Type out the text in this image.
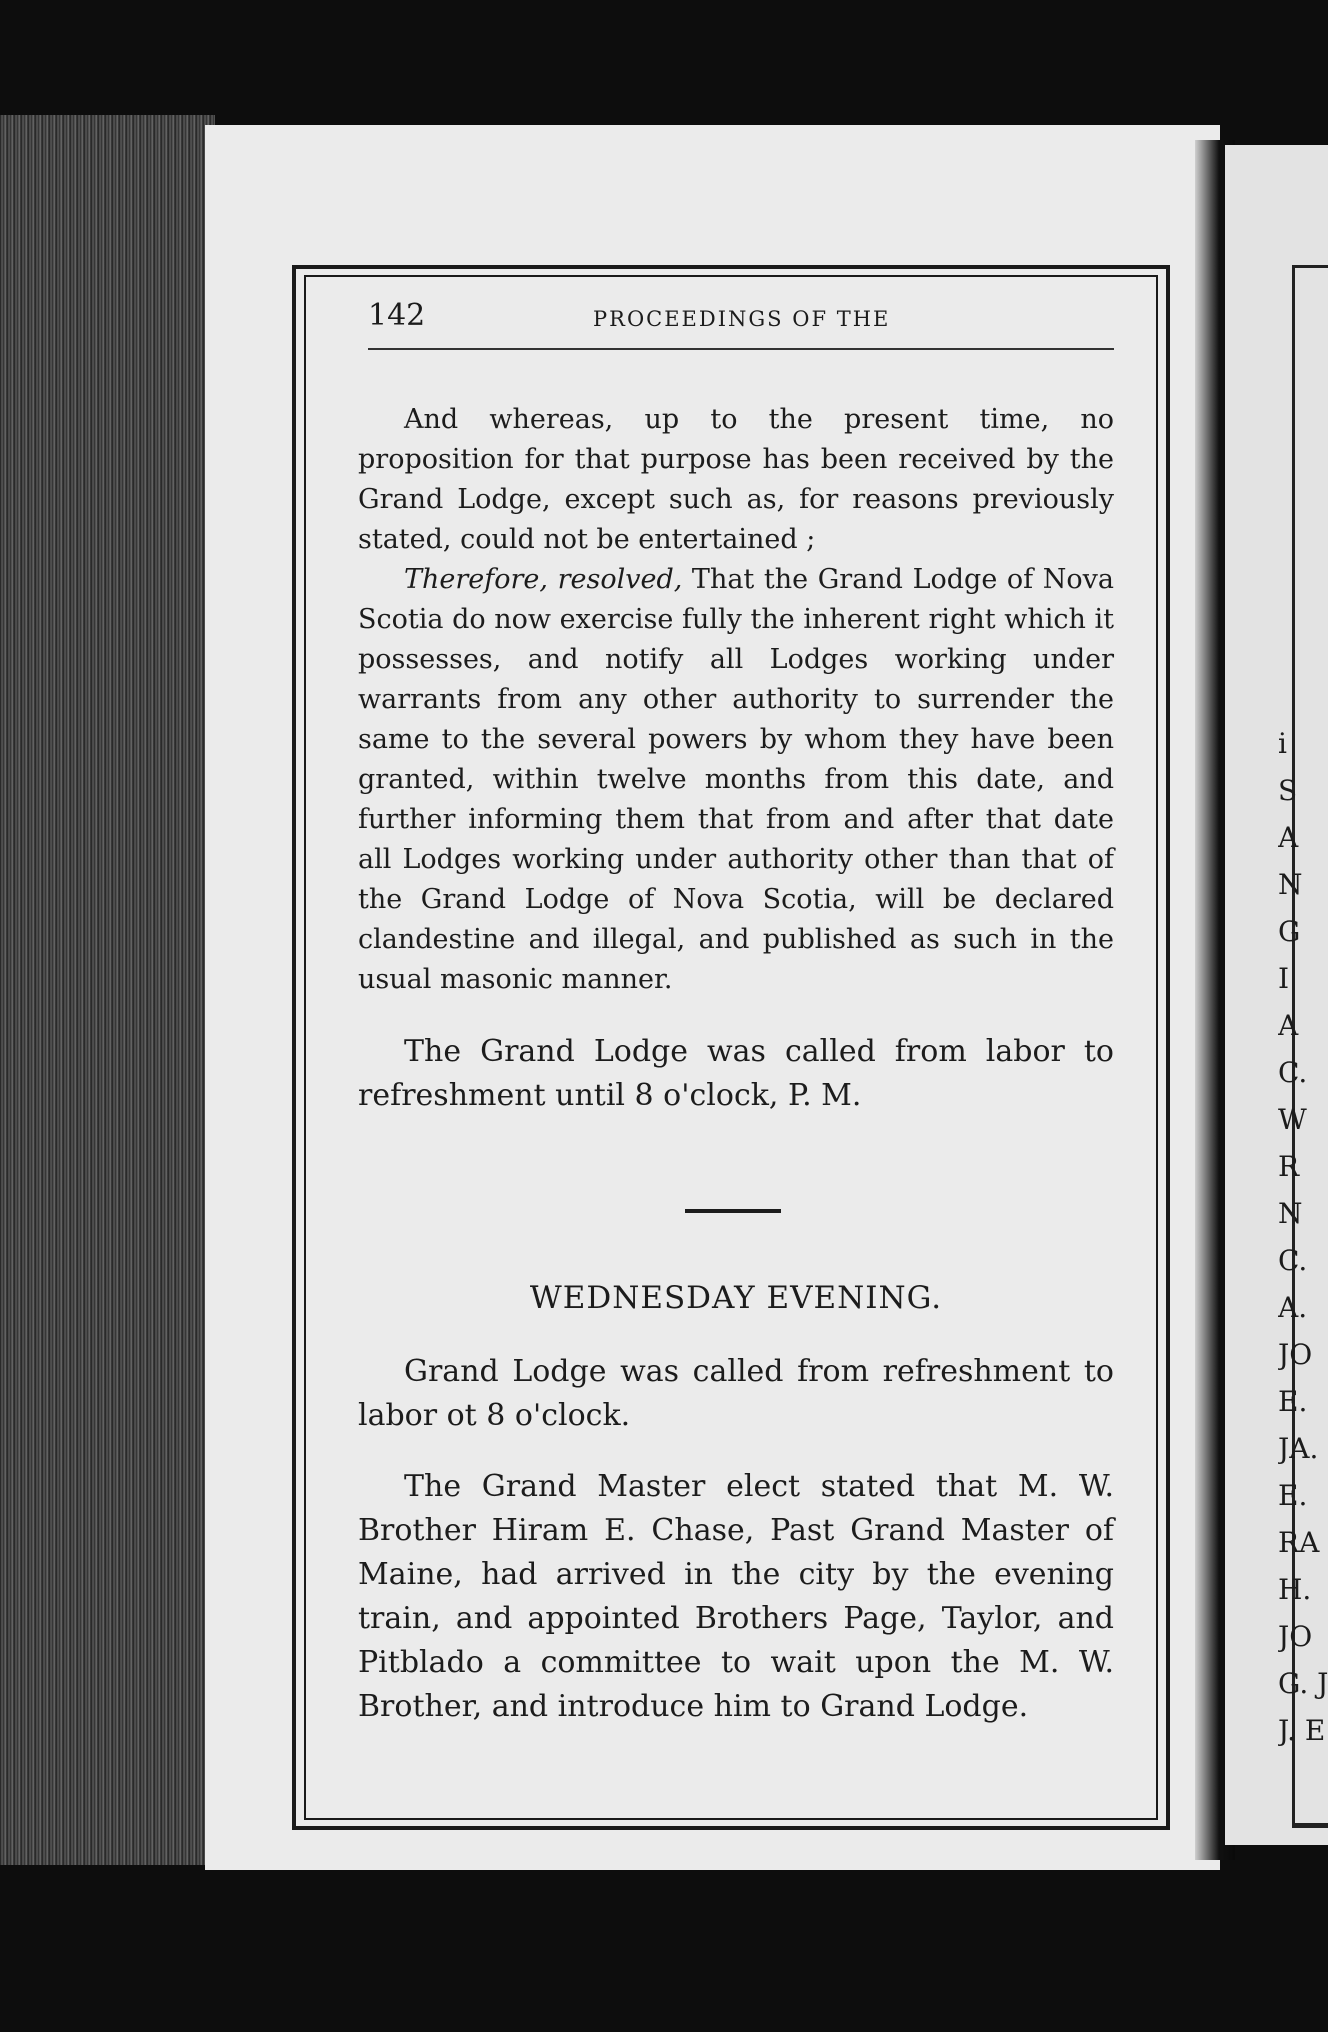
142	PROCEEDINGS OF THE

And whereas, up to the present time, no proposition for that purpose has been received by the Grand Lodge, except such as, for reasons previously stated, could not be entertained ;

Therefore, resolved, That the Grand Lodge of Nova Scotia do now exercise fully the inherent right which it possesses, and notify all Lodges working under warrants from any other authority to surrender the same to the several powers by whom they have been granted, within twelve months from this date, and further informing them that from and after that date all Lodges working under authority other than that of the Grand Lodge of Nova Scotia, will be declared clandestine and illegal, and published as such in the usual masonic manner.

The Grand Lodge was called from labor to refreshment until 8 o'clock, P. M.

WEDNESDAY EVENING.

Grand Lodge was called from refreshment to labor ot 8 o'clock.

The Grand Master elect stated that M. W. Brother Hiram E. Chase, Past Grand Master of Maine, had arrived in the city by the evening train, and appointed Brothers Page, Taylor, and Pitblado a committee to wait upon the M. W. Brother, and introduce him to Grand Lodge.

i
S
A
N
G
I
A
C.
W
R
N
C.
A.
JO
E.
JA.
E.
RA
H.
JO
G. J
J. E
